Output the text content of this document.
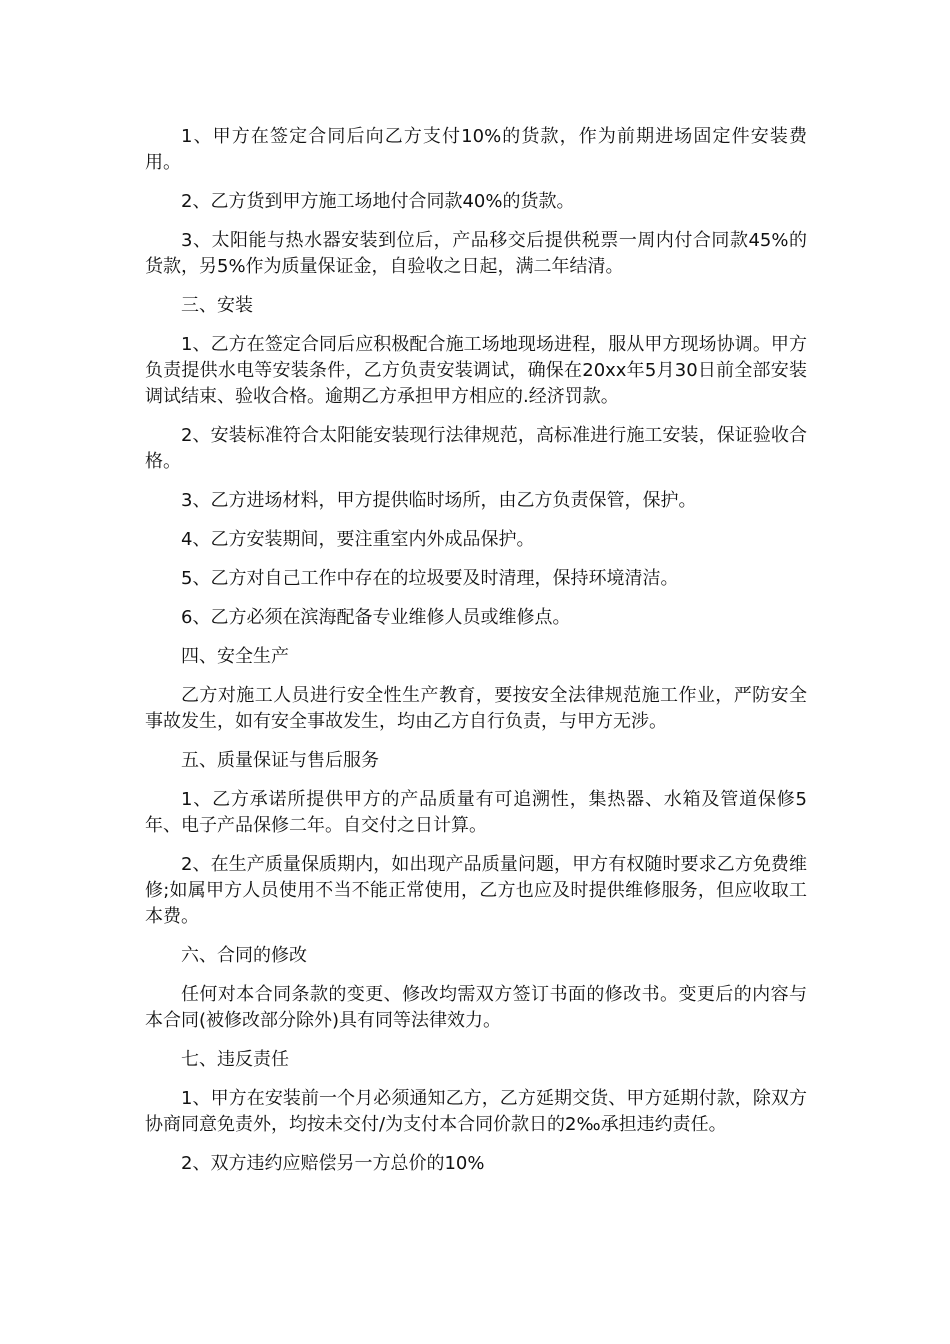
1、甲方在签定合同后向乙方支付10%的货款，作为前期进场固定件安装费用。

2、乙方货到甲方施工场地付合同款40%的货款。

3、太阳能与热水器安装到位后，产品移交后提供税票一周内付合同款45%的货款，另5%作为质量保证金，自验收之日起，满二年结清。

三、安装

1、乙方在签定合同后应积极配合施工场地现场进程，服从甲方现场协调。甲方负责提供水电等安装条件，乙方负责安装调试，确保在20xx年5月30日前全部安装调试结束、验收合格。逾期乙方承担甲方相应的.经济罚款。

2、安装标准符合太阳能安装现行法律规范，高标准进行施工安装，保证验收合格。

3、乙方进场材料，甲方提供临时场所，由乙方负责保管，保护。

4、乙方安装期间，要注重室内外成品保护。

5、乙方对自己工作中存在的垃圾要及时清理，保持环境清洁。

6、乙方必须在滨海配备专业维修人员或维修点。

四、安全生产

乙方对施工人员进行安全性生产教育，要按安全法律规范施工作业，严防安全事故发生，如有安全事故发生，均由乙方自行负责，与甲方无涉。

五、质量保证与售后服务

1、乙方承诺所提供甲方的产品质量有可追溯性，集热器、水箱及管道保修5年、电子产品保修二年。自交付之日计算。

2、在生产质量保质期内，如出现产品质量问题，甲方有权随时要求乙方免费维修;如属甲方人员使用不当不能正常使用，乙方也应及时提供维修服务，但应收取工本费。

六、合同的修改

任何对本合同条款的变更、修改均需双方签订书面的修改书。变更后的内容与本合同(被修改部分除外)具有同等法律效力。

七、违反责任

1、甲方在安装前一个月必须通知乙方，乙方延期交货、甲方延期付款，除双方协商同意免责外，均按未交付/为支付本合同价款日的2‰承担违约责任。

2、双方违约应赔偿另一方总价的10%
